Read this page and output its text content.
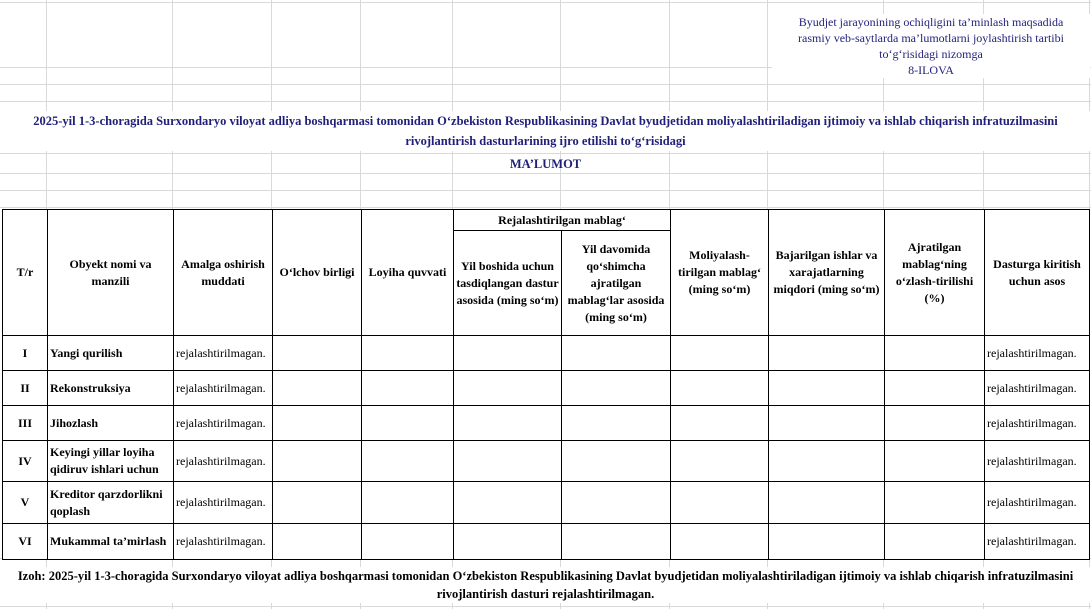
Byudjet jarayonining ochiqligini ta’minlash maqsadida
rasmiy veb-saytlarda ma’lumotlarni joylashtirish tartibi
to‘g‘risidagi nizomga
8-ILOVA
2025-yil 1-3-choragida Surxondaryo viloyat adliya boshqarmasi tomonidan O‘zbekiston Respublikasining Davlat byudjetidan moliyalashtiriladigan ijtimoiy va ishlab chiqarish infratuzilmasini
rivojlantirish dasturlarining ijro etilishi to‘g‘risidagi
MA’LUMOT
T/r	Obyekt nomi va manzili	Amalga oshirish muddati	O‘lchov birligi	Loyiha quvvati	Rejalashtirilgan mablag‘		Moliyalash-tirilgan mablag‘ (ming so‘m)	Bajarilgan ishlar va xarajatlarning miqdori (ming so‘m)	Ajratilgan mablag‘ning o‘zlash-tirilishi (%)	Dasturga kiritish uchun asos
					Yil boshida uchun tasdiqlangan dastur asosida (ming so‘m)	Yil davomida qo‘shimcha ajratilgan mablag‘lar asosida (ming so‘m)				
I	Yangi qurilish	rejalashtirilmagan.								rejalashtirilmagan.
II	Rekonstruksiya	rejalashtirilmagan.								rejalashtirilmagan.
III	Jihozlash	rejalashtirilmagan.								rejalashtirilmagan.
IV	Keyingi yillar loyiha qidiruv ishlari uchun	rejalashtirilmagan.								rejalashtirilmagan.
V	Kreditor qarzdorlikni qoplash	rejalashtirilmagan.								rejalashtirilmagan.
VI	Mukammal ta’mirlash	rejalashtirilmagan.								rejalashtirilmagan.
Izoh: 2025-yil 1-3-choragida Surxondaryo viloyat adliya boshqarmasi tomonidan O‘zbekiston Respublikasining Davlat byudjetidan moliyalashtiriladigan ijtimoiy va ishlab chiqarish infratuzilmasini
rivojlantirish dasturi rejalashtirilmagan.
